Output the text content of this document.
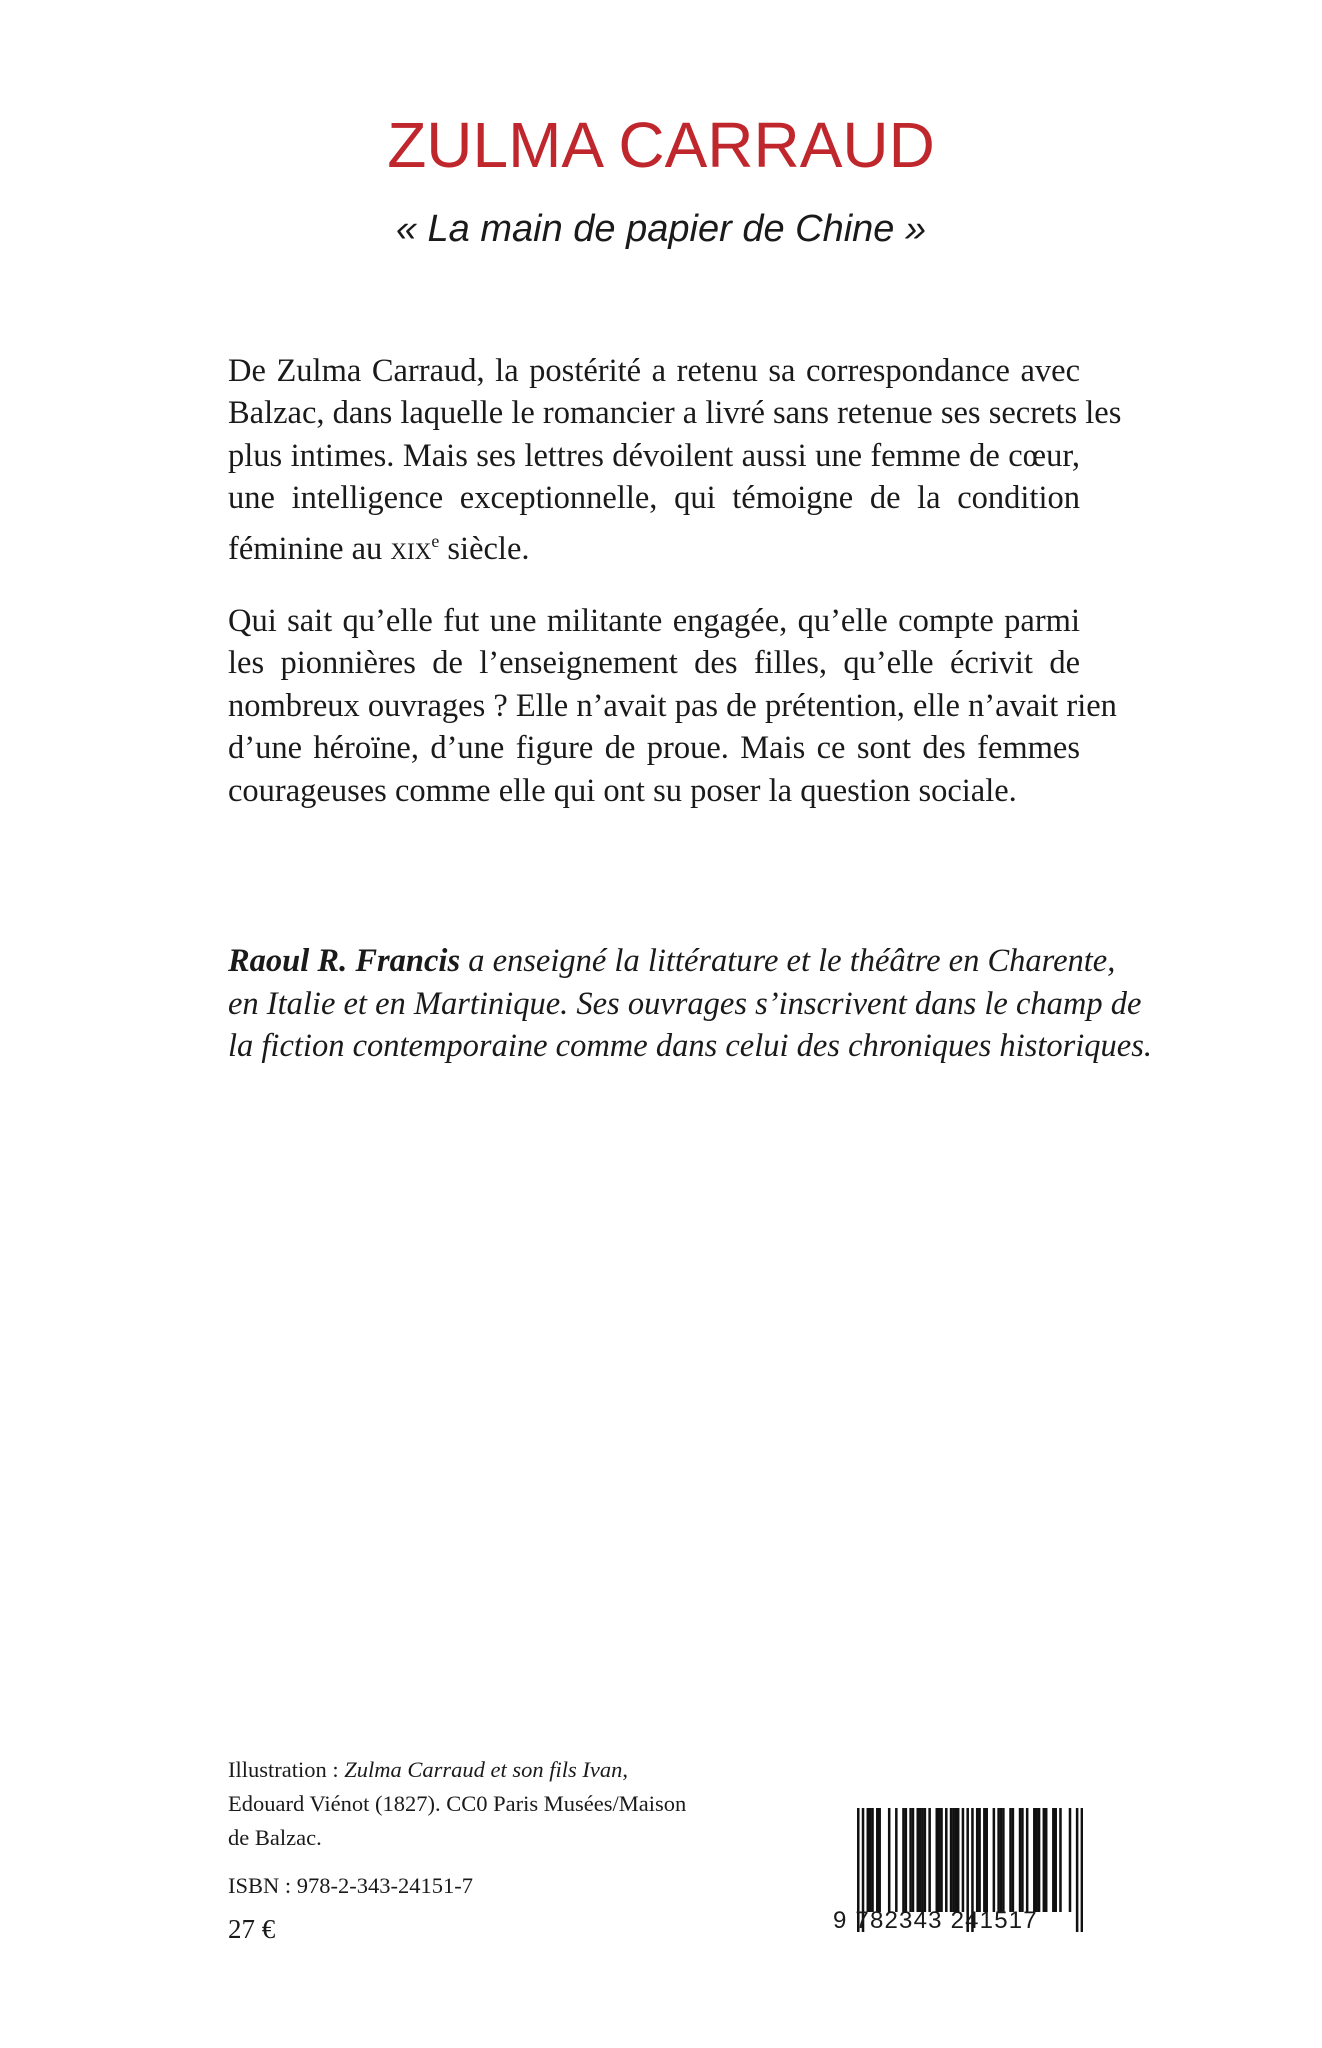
ZULMA CARRAUD

« La main de papier de Chine »

De Zulma Carraud, la postérité a retenu sa correspondance avec
Balzac, dans laquelle le romancier a livré sans retenue ses secrets les
plus intimes. Mais ses lettres dévoilent aussi une femme de cœur,
une intelligence exceptionnelle, qui témoigne de la condition
féminine au xix$^e$ siècle.
Qui sait qu’elle fut une militante engagée, qu’elle compte parmi
les pionnières de l’enseignement des filles, qu’elle écrivit de
nombreux ouvrages ? Elle n’avait pas de prétention, elle n’avait rien
d’une héroïne, d’une figure de proue. Mais ce sont des femmes
courageuses comme elle qui ont su poser la question sociale.
Raoul R. Francis a enseigné la littérature et le théâtre en Charente,
en Italie et en Martinique. Ses ouvrages s’inscrivent dans le champ de
la fiction contemporaine comme dans celui des chroniques historiques.
Illustration : Zulma Carraud et son fils Ivan,
Edouard Viénot (1827). CC0 Paris Musées/Maison
de Balzac.

ISBN : 978-2-343-24151-7

27 €	9 782343 241517
